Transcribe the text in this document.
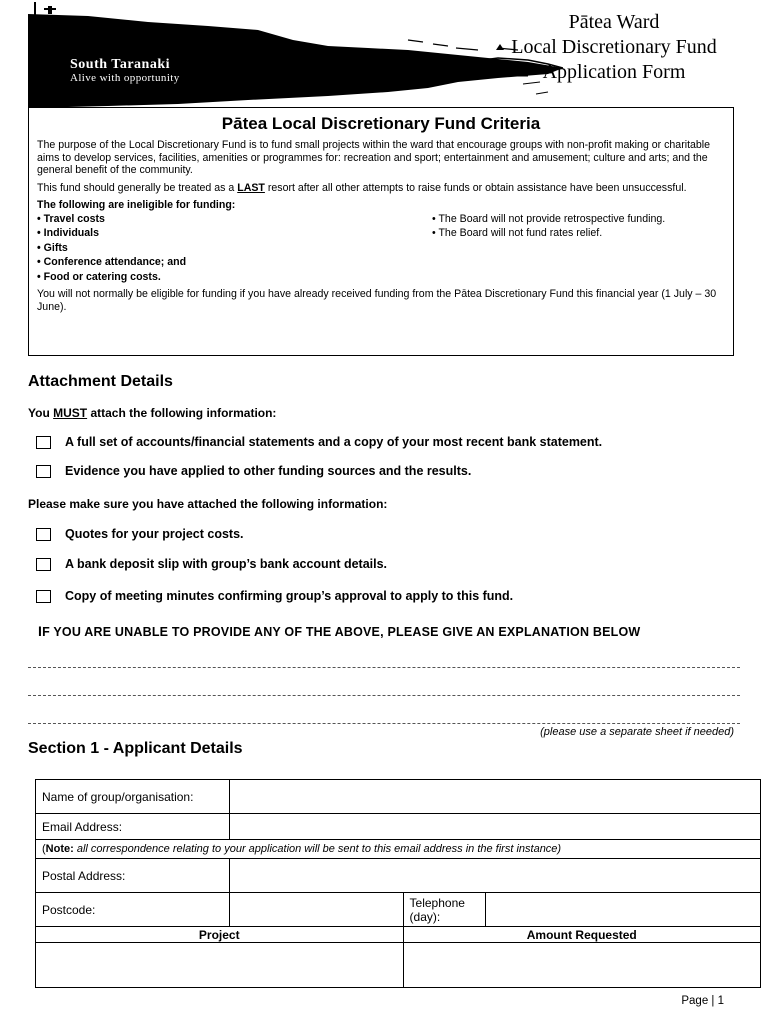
South Taranaki
Alive with opportunity
Pātea Ward
Local Discretionary Fund
Application Form
Pātea Local Discretionary Fund Criteria

The purpose of the Local Discretionary Fund is to fund small projects within the ward that encourage groups with non-profit making or charitable aims to develop services, facilities, amenities or programmes for: recreation and sport; entertainment and amusement; culture and arts; and the general benefit of the community.

This fund should generally be treated as a LAST resort after all other attempts to raise funds or obtain assistance have been unsuccessful.

The following are ineligible for funding:
• Travel costs
• Individuals
• Gifts
• Conference attendance; and
• Food or catering costs.
• The Board will not provide retrospective funding.
• The Board will not fund rates relief.

You will not normally be eligible for funding if you have already received funding from the Pātea Discretionary Fund this financial year (1 July – 30 June).

Attachment Details
You MUST attach the following information:
A full set of accounts/financial statements and a copy of your most recent bank statement.
Evidence you have applied to other funding sources and the results.
Please make sure you have attached the following information:
Quotes for your project costs.
A bank deposit slip with group’s bank account details.
Copy of meeting minutes confirming group’s approval to apply to this fund.
IF YOU ARE UNABLE TO PROVIDE ANY OF THE ABOVE, PLEASE GIVE AN EXPLANATION BELOW
(please use a separate sheet if needed)
Section 1 - Applicant Details
Name of group/organisation:			
Email Address:			
(Note: all correspondence relating to your application will be sent to this email address in the first instance)			
Postal Address:			
Postcode:		Telephone (day):	
Project		Amount Requested	

Page | 1
